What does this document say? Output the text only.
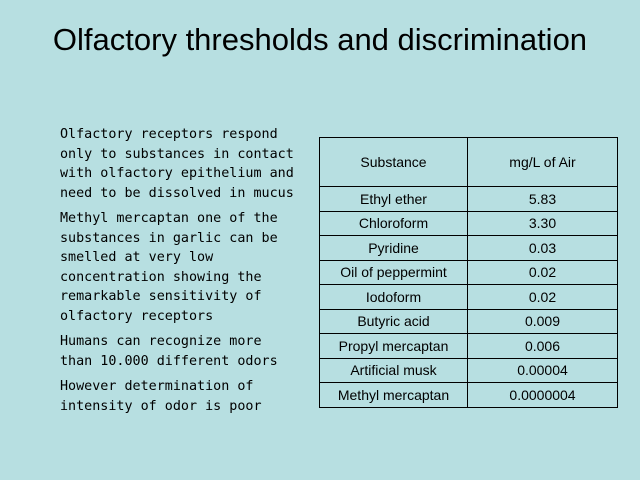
Olfactory thresholds and discrimination

Olfactory receptors respond only to substances in contact with olfactory epithelium and need to be dissolved in mucus

Methyl mercaptan one of the substances in garlic can be smelled at very low concentration showing the remarkable sensitivity of olfactory receptors

Humans can recognize more than 10.000 different odors

However determination of intensity of odor is poor

Substance	mg/L of Air
Ethyl ether	5.83
Chloroform	3.30
Pyridine	0.03
Oil of peppermint	0.02
Iodoform	0.02
Butyric acid	0.009
Propyl mercaptan	0.006
Artificial musk	0.00004
Methyl mercaptan	0.0000004
